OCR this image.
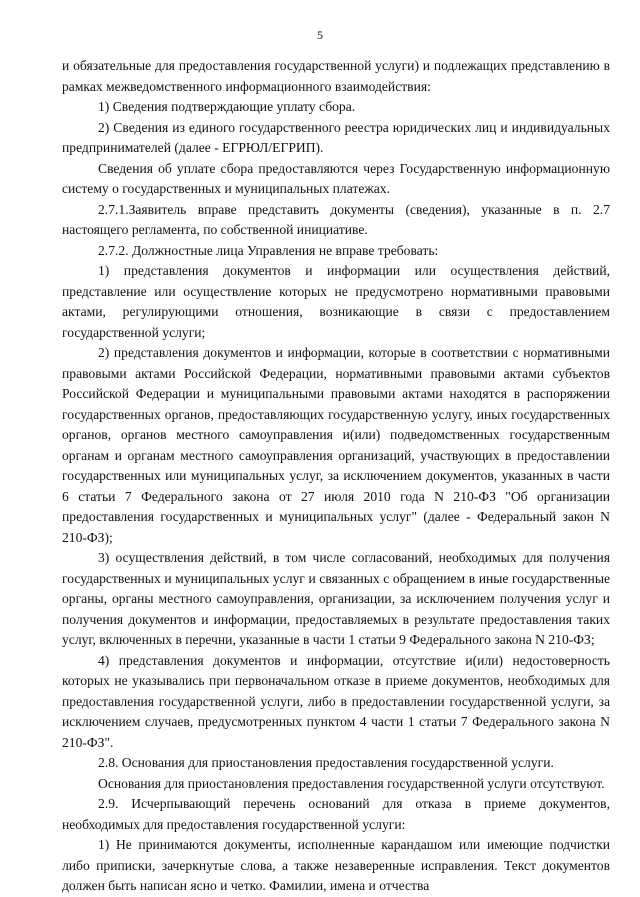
5

и обязательные для предоставления государственной услуги) и подлежащих представлению в рамках межведомственного информационного взаимодействия:

1) Сведения подтверждающие уплату сбора.

2) Сведения из единого государственного реестра юридических лиц и индивидуальных предпринимателей (далее - ЕГРЮЛ/ЕГРИП).

Сведения об уплате сбора предоставляются через Государственную информационную систему о государственных и муниципальных платежах.

2.7.1.Заявитель вправе представить документы (сведения), указанные в п. 2.7 настоящего регламента, по собственной инициативе.

2.7.2. Должностные лица Управления не вправе требовать:

1) представления документов и информации или осуществления действий, представление или осуществление которых не предусмотрено нормативными правовыми актами, регулирующими отношения, возникающие в связи с предоставлением государственной услуги;

2) представления документов и информации, которые в соответствии с нормативными правовыми актами Российской Федерации, нормативными правовыми актами субъектов Российской Федерации и муниципальными правовыми актами находятся в распоряжении государственных органов, предоставляющих государственную услугу, иных государственных органов, органов местного самоуправления и(или) подведомственных государственным органам и органам местного самоуправления организаций, участвующих в предоставлении государственных или муниципальных услуг, за исключением документов, указанных в части 6 статьи 7 Федерального закона от 27 июля 2010 года N 210-ФЗ "Об организации предоставления государственных и муниципальных услуг" (далее - Федеральный закон N 210-ФЗ);

3) осуществления действий, в том числе согласований, необходимых для получения государственных и муниципальных услуг и связанных с обращением в иные государственные органы, органы местного самоуправления, организации, за исключением получения услуг и получения документов и информации, предоставляемых в результате предоставления таких услуг, включенных в перечни, указанные в части 1 статьи 9 Федерального закона N 210-ФЗ;

4) представления документов и информации, отсутствие и(или) недостоверность которых не указывались при первоначальном отказе в приеме документов, необходимых для предоставления государственной услуги, либо в предоставлении государственной услуги, за исключением случаев, предусмотренных пунктом 4 части 1 статьи 7 Федерального закона N 210-ФЗ".

2.8. Основания для приостановления предоставления государственной услуги.

Основания для приостановления предоставления государственной услуги отсутствуют.

2.9. Исчерпывающий перечень оснований для отказа в приеме документов, необходимых для предоставления государственной услуги:

1) Не принимаются документы, исполненные карандашом или имеющие подчистки либо приписки, зачеркнутые слова, а также незаверенные исправления. Текст документов должен быть написан ясно и четко. Фамилии, имена и отчества
